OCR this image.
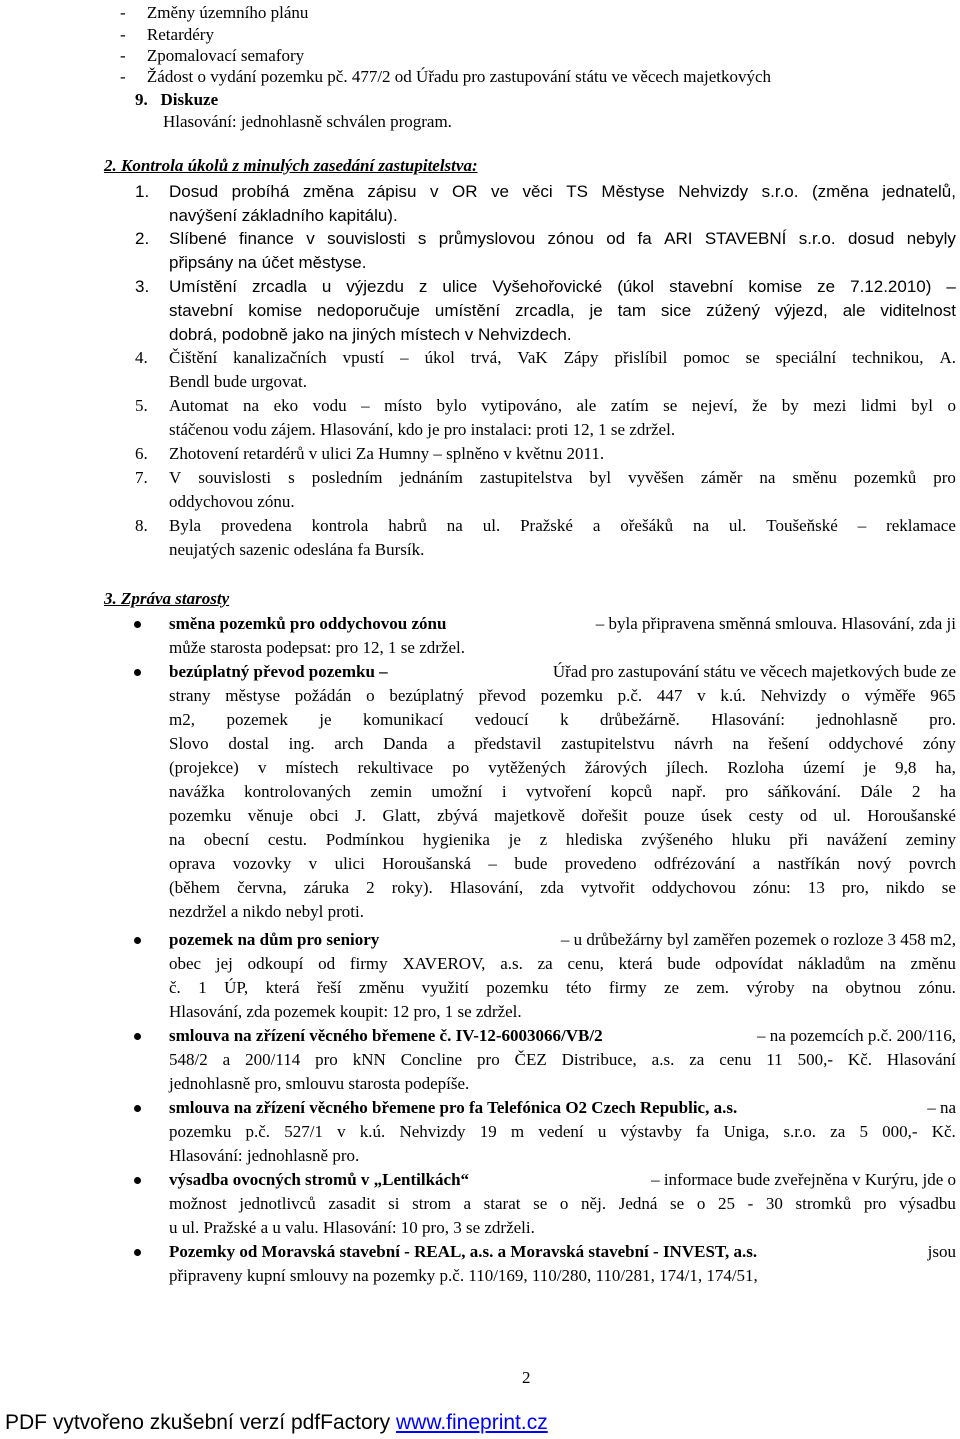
-     Změny územního plánu
-     Retardéry
-     Zpomalovací semafory
-     Žádost o vydání pozemku pč. 477/2 od Úřadu pro zastupování státu ve věcech majetkových
9. Diskuze
Hlasování: jednohlasně schválen program.
2. Kontrola úkolů z minulých zasedání zastupitelstva:
1. Dosud probíhá změna zápisu v OR ve věci TS Městyse Nehvizdy s.r.o. (změna jednatelů,
navýšení základního kapitálu).
2. Slíbené finance v souvislosti s průmyslovou zónou od fa ARI STAVEBNÍ s.r.o. dosud nebyly
připsány na účet městyse.
3. Umístění zrcadla u výjezdu z ulice Vyšehořovické (úkol stavební komise ze 7.12.2010) –
stavební komise nedoporučuje umístění zrcadla, je tam sice zúžený výjezd, ale viditelnost
dobrá, podobně jako na jiných místech v Nehvizdech.
4. Čištění kanalizačních vpustí – úkol trvá, VaK Zápy přislíbil pomoc se speciální technikou, A.
Bendl bude urgovat.
5. Automat na eko vodu – místo bylo vytipováno, ale zatím se nejeví, že by mezi lidmi byl o
stáčenou vodu zájem. Hlasování, kdo je pro instalaci: proti 12, 1 se zdržel.
6. Zhotovení retardérů v ulici Za Humny – splněno v květnu 2011.
7. V souvislosti s posledním jednáním zastupitelstva byl vyvěšen záměr na směnu pozemků pro
oddychovou zónu.
8. Byla provedena kontrola habrů na ul. Pražské a ořešáků na ul. Toušeňské – reklamace
neujatých sazenic odeslána fa Bursík.
3. Zpráva starosty
směna pozemků pro oddychovou zónu	– byla připravena směnná smlouva. Hlasování, zda ji
může starosta podepsat: pro 12, 1 se zdržel.
bezúplatný převod pozemku –	Úřad pro zastupování státu ve věcech majetkových bude ze
strany městyse požádán o bezúplatný převod pozemku p.č. 447 v k.ú. Nehvizdy o výměře 965
m2, pozemek je komunikací vedoucí k drůbežárně. Hlasování: jednohlasně pro.
Slovo dostal ing. arch Danda a představil zastupitelstvu návrh na řešení oddychové zóny
(projekce) v místech rekultivace po vytěžených žárových jílech. Rozloha území je 9,8 ha,
navážka kontrolovaných zemin umožní i vytvoření kopců např. pro sáňkování. Dále 2 ha
pozemku věnuje obci J. Glatt, zbývá majetkově dořešit pouze úsek cesty od ul. Horoušanské
na obecní cestu. Podmínkou hygienika je z hlediska zvýšeného hluku při navážení zeminy
oprava vozovky v ulici Horoušanská – bude provedeno odfrézování a nastříkán nový povrch
(během června, záruka 2 roky). Hlasování, zda vytvořit oddychovou zónu: 13 pro, nikdo se
nezdržel a nikdo nebyl proti.
pozemek na dům pro seniory	– u drůbežárny byl zaměřen pozemek o rozloze 3 458 m2,
obec jej odkoupí od firmy XAVEROV, a.s. za cenu, která bude odpovídat nákladům na změnu
č. 1 ÚP, která řeší změnu využití pozemku této firmy ze zem. výroby na obytnou zónu.
Hlasování, zda pozemek koupit: 12 pro, 1 se zdržel.
smlouva na zřízení věcného břemene č. IV-12-6003066/VB/2	– na pozemcích p.č. 200/116,
548/2 a 200/114 pro kNN Concline pro ČEZ Distribuce, a.s. za cenu 11 500,- Kč. Hlasování
jednohlasně pro, smlouvu starosta podepíše.
smlouva na zřízení věcného břemene pro fa Telefónica O2 Czech Republic, a.s.	– na
pozemku p.č. 527/1 v k.ú. Nehvizdy 19 m vedení u výstavby fa Uniga, s.r.o. za 5 000,- Kč.
Hlasování: jednohlasně pro.
výsadba ovocných stromů v „Lentilkách“	– informace bude zveřejněna v Kurýru, jde o
možnost jednotlivců zasadit si strom a starat se o něj. Jedná se o 25 - 30 stromků pro výsadbu
u ul. Pražské a u valu. Hlasování: 10 pro, 3 se zdrželi.
Pozemky od Moravská stavební - REAL, a.s. a Moravská stavební - INVEST, a.s.	jsou
připraveny kupní smlouvy na pozemky p.č. 110/169, 110/280, 110/281, 174/1, 174/51,
2
PDF vytvořeno zkušební verzí pdfFactory www.fineprint.cz
